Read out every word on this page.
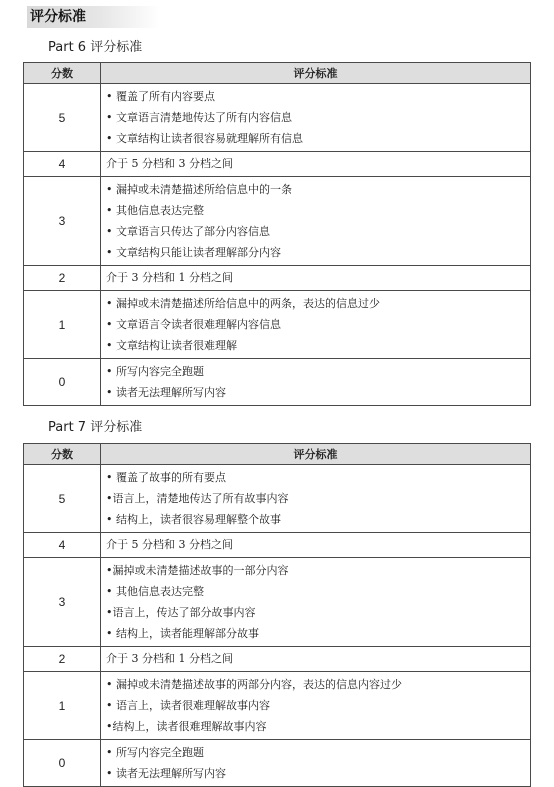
评分标准
Part 6 评分标准
分数	评分标准
5	• 覆盖了所有内容要点
• 文章语言清楚地传达了所有内容信息
• 文章结构让读者很容易就理解所有信息

4	介于 5 分档和 3 分档之间

3	• 漏掉或未清楚描述所给信息中的一条
• 其他信息表达完整
• 文章语言只传达了部分内容信息
• 文章结构只能让读者理解部分内容

2	介于 3 分档和 1 分档之间

1	• 漏掉或未清楚描述所给信息中的两条，表达的信息过少
• 文章语言令读者很难理解内容信息
• 文章结构让读者很难理解

0	• 所写内容完全跑题
• 读者无法理解所写内容
Part 7 评分标准
分数	评分标准
5	• 覆盖了故事的所有要点
•语言上，清楚地传达了所有故事内容
• 结构上，读者很容易理解整个故事

4	介于 5 分档和 3 分档之间

3	•漏掉或未清楚描述故事的一部分内容
• 其他信息表达完整
•语言上，传达了部分故事内容
• 结构上，读者能理解部分故事

2	介于 3 分档和 1 分档之间

1	• 漏掉或未清楚描述故事的两部分内容，表达的信息内容过少
• 语言上，读者很难理解故事内容
•结构上，读者很难理解故事内容

0	• 所写内容完全跑题
• 读者无法理解所写内容
